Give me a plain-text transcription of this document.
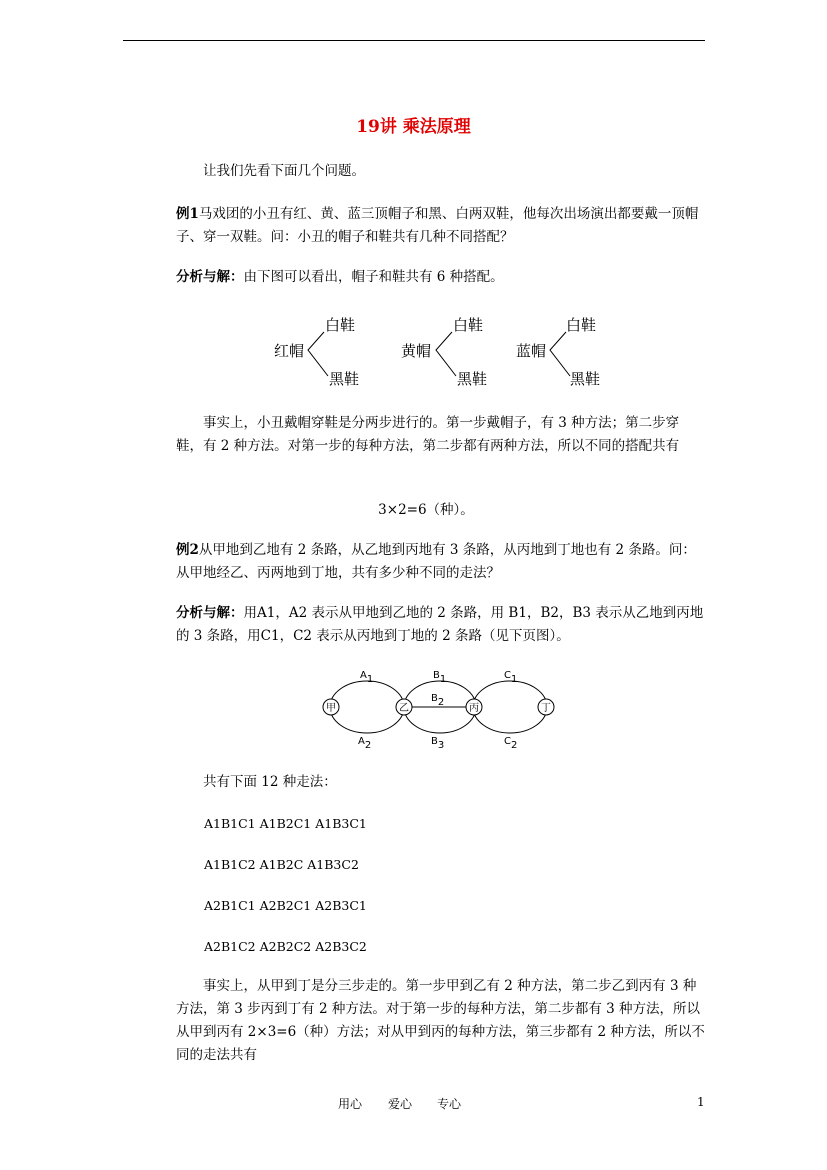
19讲 乘法原理
让我们先看下面几个问题。
例1马戏团的小丑有红、黄、蓝三顶帽子和黑、白两双鞋，他每次出场演出都要戴一顶帽子、穿一双鞋。问：小丑的帽子和鞋共有几种不同搭配？
分析与解：由下图可以看出，帽子和鞋共有 6 种搭配。
红帽
白鞋
黑鞋
黄帽
白鞋
黑鞋
蓝帽
白鞋
黑鞋
事实上，小丑戴帽穿鞋是分两步进行的。第一步戴帽子，有 3 种方法；第二步穿鞋，有 2 种方法。对第一步的每种方法，第二步都有两种方法，所以不同的搭配共有
3×2=6（种）。
例2从甲地到乙地有 2 条路，从乙地到丙地有 3 条路，从丙地到丁地也有 2 条路。问：从甲地经乙、丙两地到丁地，共有多少种不同的走法？
分析与解：用A1，A2 表示从甲地到乙地的 2 条路，用 B1，B2，B3 表示从乙地到丙地的 3 条路，用C1，C2 表示从丙地到丁地的 2 条路（见下页图）。
甲	乙	丙	丁
A1
A2
B1
B2
B3
C1
C2
共有下面 12 种走法：
A1B1C1 A1B2C1 A1B3C1
A1B1C2 A1B2C A1B3C2
A2B1C1 A2B2C1 A2B3C1
A2B1C2 A2B2C2 A2B3C2
事实上，从甲到丁是分三步走的。第一步甲到乙有 2 种方法，第二步乙到丙有 3 种方法，第 3 步丙到丁有 2 种方法。对于第一步的每种方法，第二步都有 3 种方法，所以从甲到丙有 2×3=6（种）方法；对从甲到丙的每种方法，第三步都有 2 种方法，所以不同的走法共有
用心 爱心 专心	1
